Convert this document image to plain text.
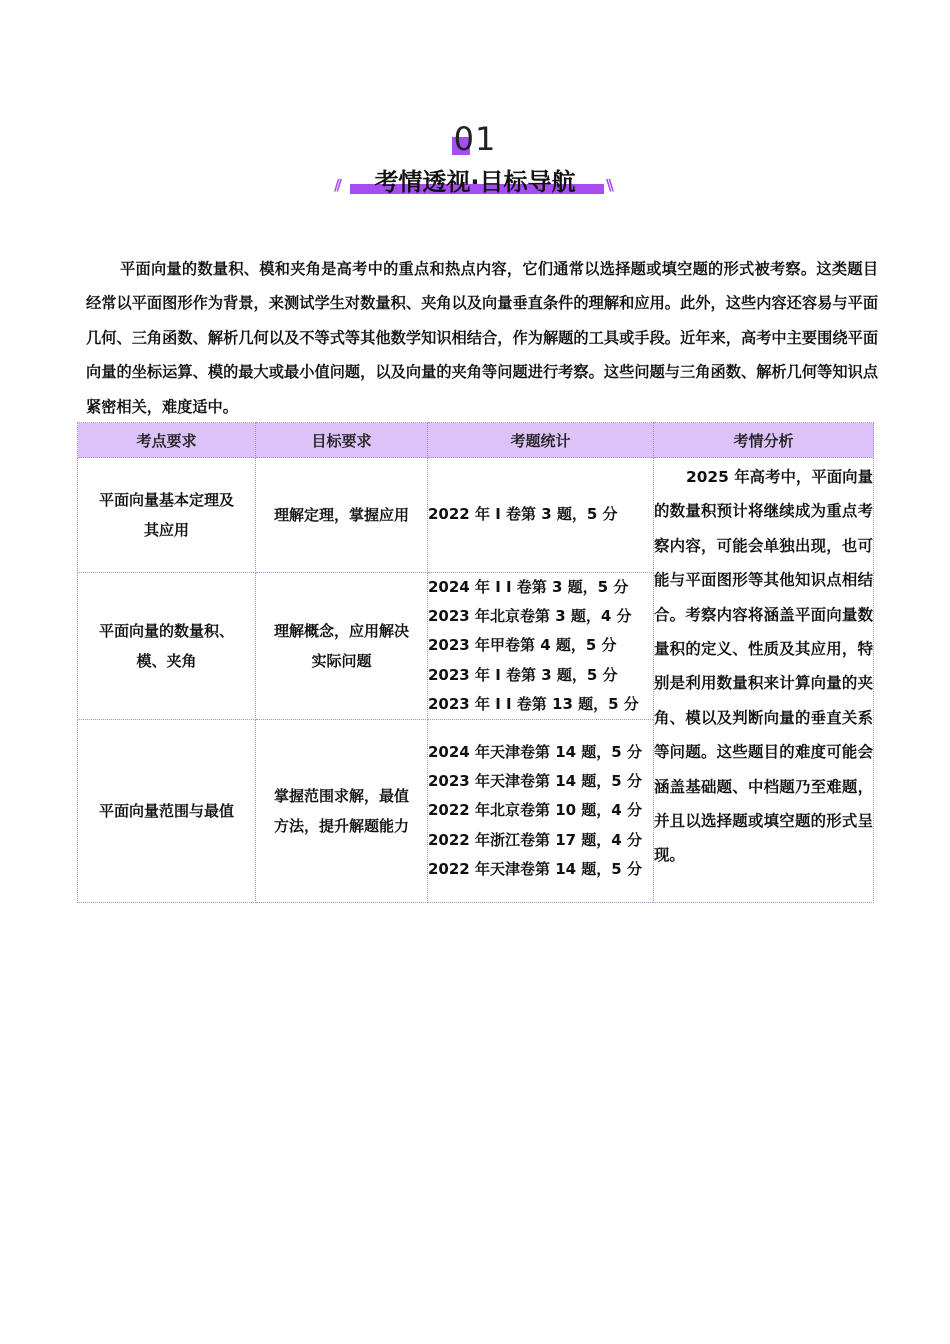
01
//	考情透视·目标导航	\\

平面向量的数量积、模和夹角是高考中的重点和热点内容，它们通常以选择题或填空题的形式被考察。这类题目经常以平面图形作为背景，来测试学生对数量积、夹角以及向量垂直条件的理解和应用。此外，这些内容还容易与平面几何、三角函数、解析几何以及不等式等其他数学知识相结合，作为解题的工具或手段。近年来，高考中主要围绕平面向量的坐标运算、模的最大或最小值问题，以及向量的夹角等问题进行考察。这些问题与三角函数、解析几何等知识点紧密相关，难度适中。

考点要求	目标要求	考题统计	考情分析

平面向量基本定理及
其应用	理解定理，掌握应用	2022 年 I 卷第 3 题，5 分	2025 年高考中，平面向量的数量积预计将继续成为重点考察内容，可能会单独出现，也可能与平面图形等其他知识点相结合。考察内容将涵盖平面向量数量积的定义、性质及其应用，特别是利用数量积来计算向量的夹角、模以及判断向量的垂直关系等问题。这些题目的难度可能会涵盖基础题、中档题乃至难题，并且以选择题或填空题的形式呈现。

平面向量的数量积、
模、夹角	理解概念，应用解决
实际问题	2024 年 I I 卷第 3 题，5 分
2023 年北京卷第 3 题，4 分
2023 年甲卷第 4 题，5 分
2023 年 I 卷第 3 题，5 分
2023 年 I I 卷第 13 题，5 分	

平面向量范围与最值	掌握范围求解，最值
方法，提升解题能力	2024 年天津卷第 14 题，5 分
2023 年天津卷第 14 题，5 分
2022 年北京卷第 10 题，4 分
2022 年浙江卷第 17 题，4 分
2022 年天津卷第 14 题，5 分	
